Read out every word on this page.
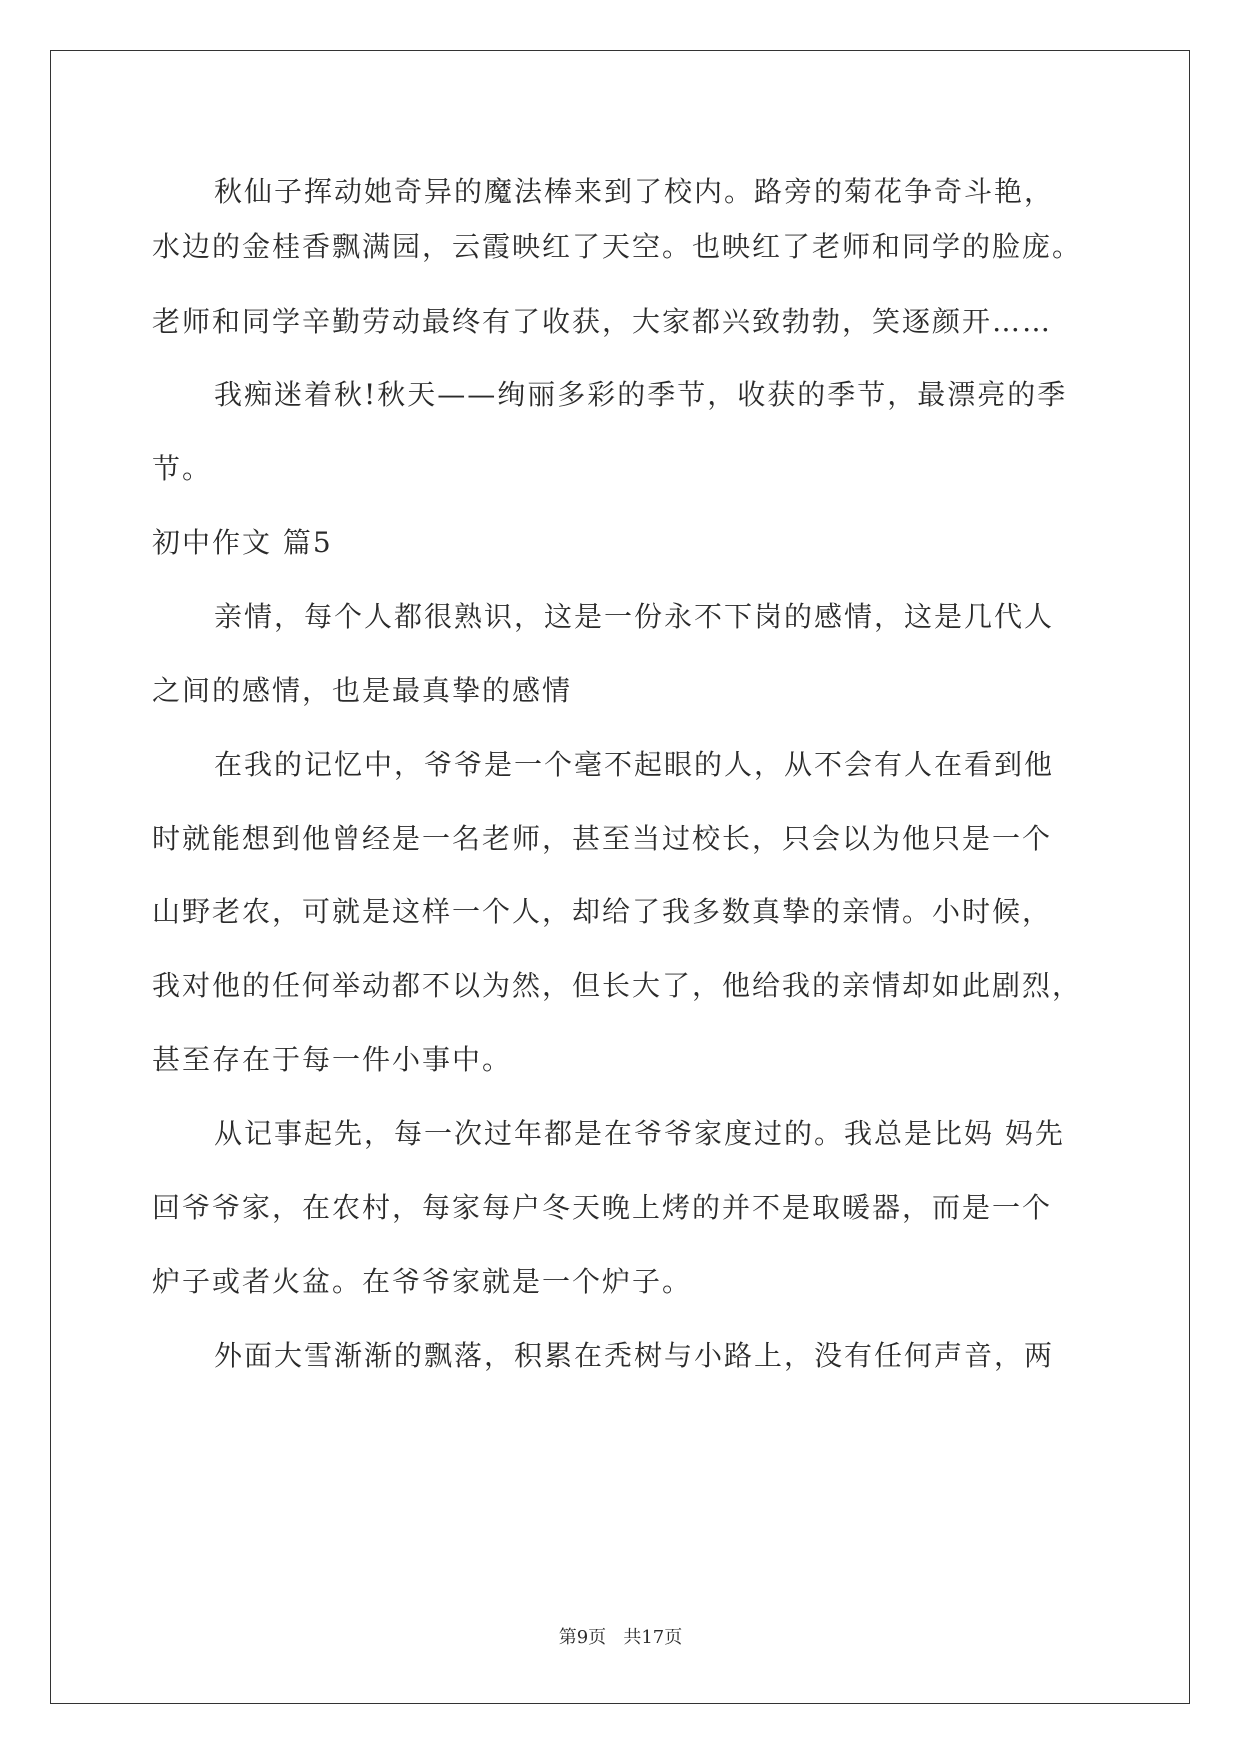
秋仙子挥动她奇异的魔法棒来到了校内。路旁的菊花争奇斗艳，
水边的金桂香飘满园，云霞映红了天空。也映红了老师和同学的脸庞。
老师和同学辛勤劳动最终有了收获，大家都兴致勃勃，笑逐颜开……
我痴迷着秋!秋天——绚丽多彩的季节，收获的季节，最漂亮的季
节。
初中作文 篇5
亲情，每个人都很熟识，这是一份永不下岗的感情，这是几代人
之间的感情，也是最真挚的感情
在我的记忆中，爷爷是一个毫不起眼的人，从不会有人在看到他
时就能想到他曾经是一名老师，甚至当过校长，只会以为他只是一个
山野老农，可就是这样一个人，却给了我多数真挚的亲情。小时候，
我对他的任何举动都不以为然，但长大了，他给我的亲情却如此剧烈，
甚至存在于每一件小事中。
从记事起先，每一次过年都是在爷爷家度过的。我总是比妈 妈先
回爷爷家，在农村，每家每户冬天晚上烤的并不是取暖器，而是一个
炉子或者火盆。在爷爷家就是一个炉子。
外面大雪渐渐的飘落，积累在秃树与小路上，没有任何声音，两
第9页   共17页
